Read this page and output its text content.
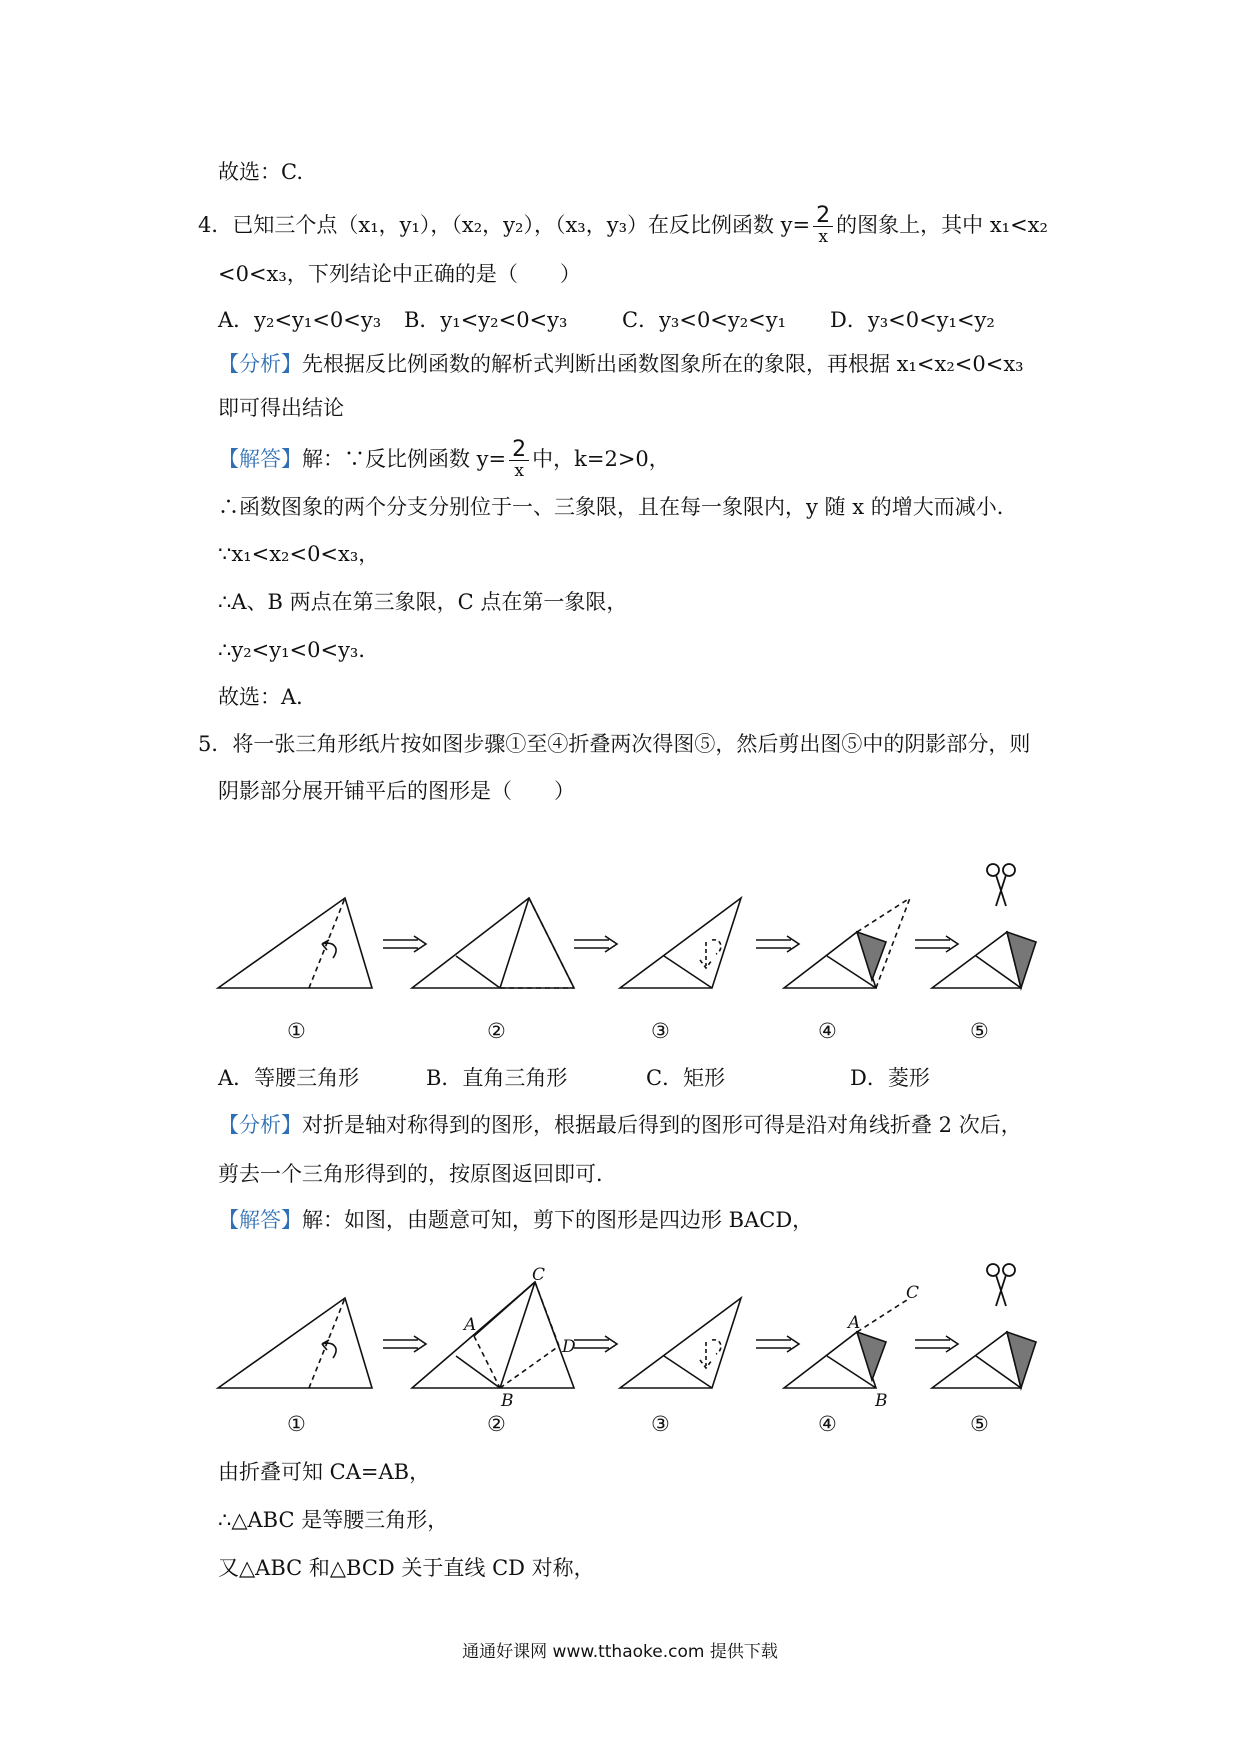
故选：C.
4．已知三个点（x₁，y₁），（x₂，y₂），（x₃，y₃）在反比例函数 $y= \frac{2}{x}$ 的图象上，其中 x₁<x₂
<0<x₃，下列结论中正确的是（　　）
A．y₂<y₁<0<y₃ B．y₁<y₂<0<y₃	C．y₃<0<y₂<y₁ D．y₃<0<y₁<y₂
【分析】先根据反比例函数的解析式判断出函数图象所在的象限，再根据 x₁<x₂<0<x₃
即可得出结论
【解答】解：∵反比例函数 $y= \frac{2}{x}$ 中，k=2>0，
∴函数图象的两个分支分别位于一、三象限，且在每一象限内，y 随 x 的增大而减小．
∵x₁<x₂<0<x₃，
∴A、B 两点在第三象限，C 点在第一象限，
∴y₂<y₁<0<y₃．
故选：A．
5．将一张三角形纸片按如图步骤①至④折叠两次得图⑤，然后剪出图⑤中的阴影部分，则
阴影部分展开铺平后的图形是（　　）
①	②	③	④	⑤
A．等腰三角形	B．直角三角形	C．矩形	D．菱形
【分析】对折是轴对称得到的图形，根据最后得到的图形可得是沿对角线折叠 2 次后，
剪去一个三角形得到的，按原图返回即可．
【解答】解：如图，由题意可知，剪下的图形是四边形 BACD，
C
A
D
B
C
A
B
①	②	③	④	⑤
由折叠可知 CA=AB，
∴△ABC 是等腰三角形，
又△ABC 和△BCD 关于直线 CD 对称，
通通好课网 www.tthaoke.com 提供下载
